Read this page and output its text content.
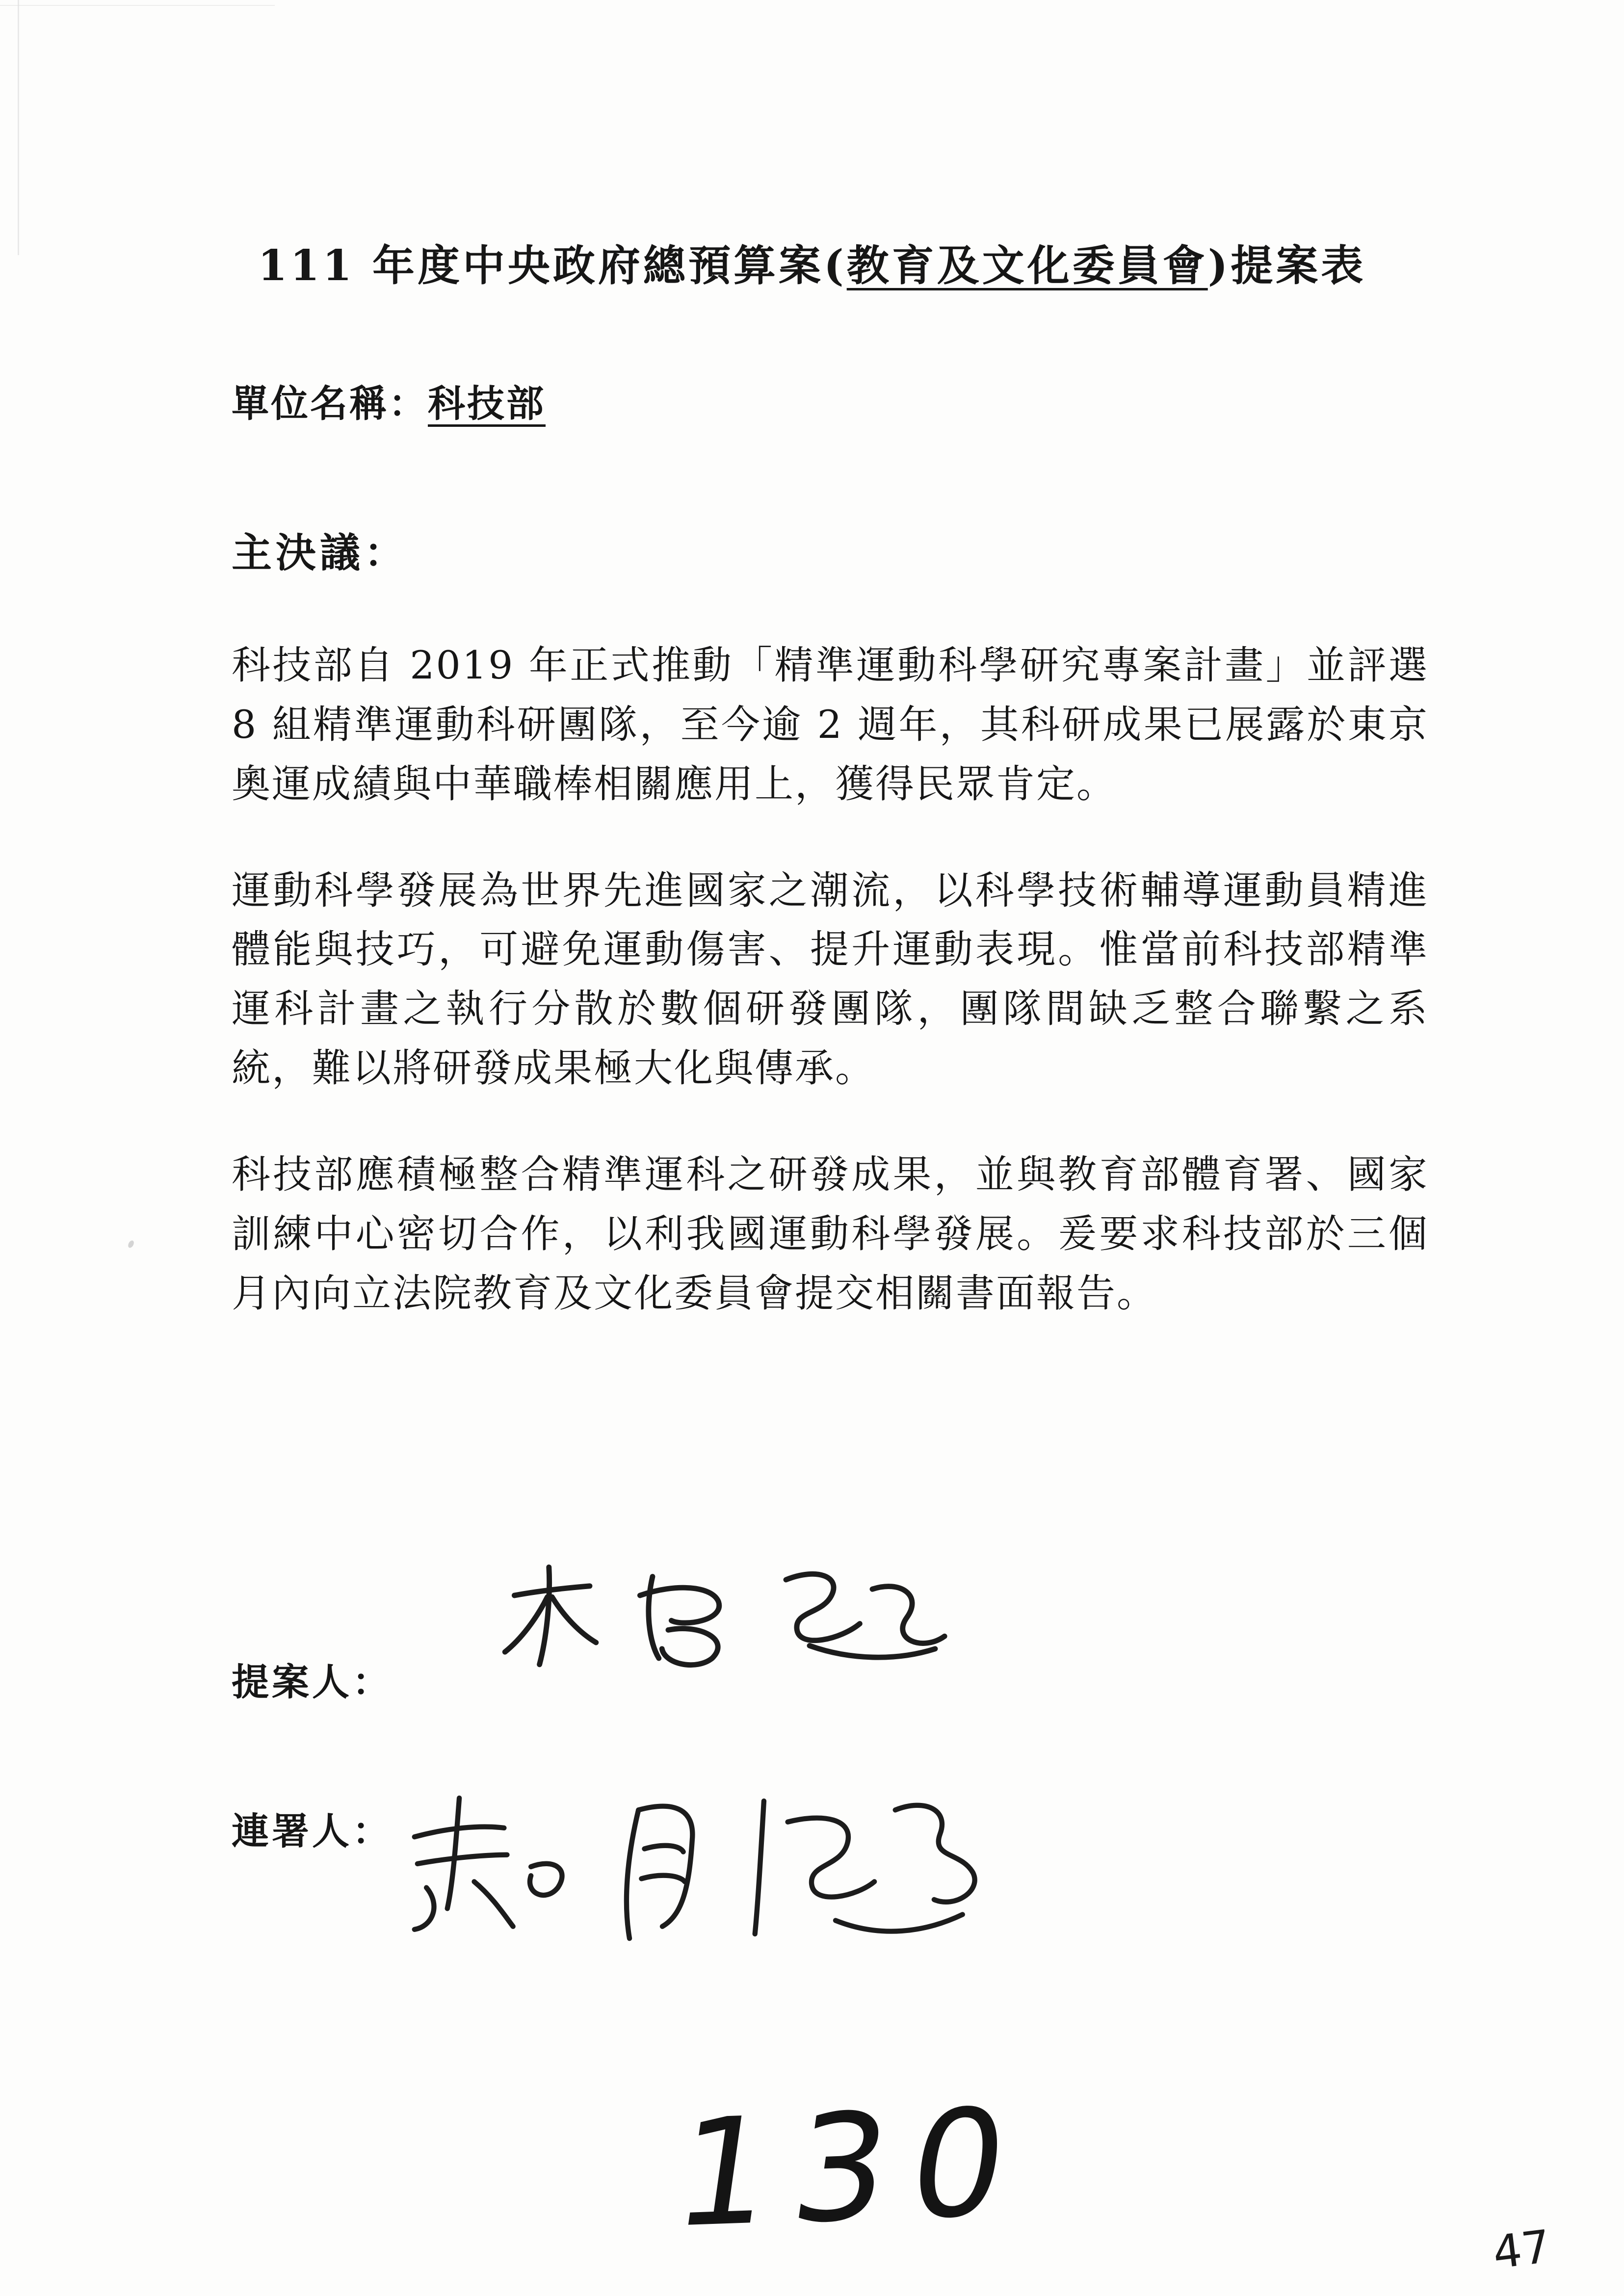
111 年度中央政府總預算案(教育及文化委員會)提案表
單位名稱：科技部
主決議：

科技部自 2019 年正式推動「精準運動科學研究專案計畫」並評選 8 組精準運動科研團隊，至今逾 2 週年，其科研成果已展露於東京奧運成績與中華職棒相關應用上，獲得民眾肯定。

運動科學發展為世界先進國家之潮流，以科學技術輔導運動員精進體能與技巧，可避免運動傷害、提升運動表現。惟當前科技部精準運科計畫之執行分散於數個研發團隊，團隊間缺乏整合聯繫之系統，難以將研發成果極大化與傳承。

科技部應積極整合精準運科之研發成果，並與教育部體育署、國家訓練中心密切合作，以利我國運動科學發展。爰要求科技部於三個月內向立法院教育及文化委員會提交相關書面報告。

提案人：
連署人：
130	47
